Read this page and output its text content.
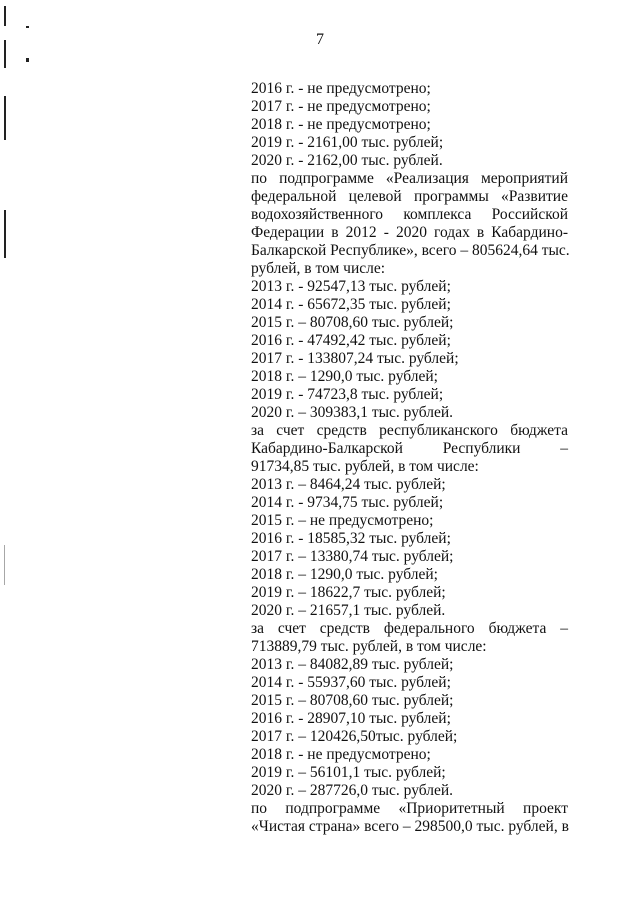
7
2016 г. - не предусмотрено;
2017 г. - не предусмотрено;
2018 г. - не предусмотрено;
2019 г. - 2161,00 тыс. рублей;
2020 г. - 2162,00 тыс. рублей.
по подпрограмме «Реализация мероприятий
федеральной целевой программы «Развитие
водохозяйственного комплекса Российской
Федерации в 2012 - 2020 годах в Кабардино-
Балкарской Республике», всего – 805624,64 тыс.
рублей, в том числе:
2013 г. - 92547,13 тыс. рублей;
2014 г. - 65672,35 тыс. рублей;
2015 г. – 80708,60 тыс. рублей;
2016 г. - 47492,42 тыс. рублей;
2017 г. - 133807,24 тыс. рублей;
2018 г. – 1290,0 тыс. рублей;
2019 г. - 74723,8 тыс. рублей;
2020 г. – 309383,1 тыс. рублей.
за счет средств республиканского бюджета
Кабардино-Балкарской Республики –
91734,85 тыс. рублей, в том числе:
2013 г. – 8464,24 тыс. рублей;
2014 г. - 9734,75 тыс. рублей;
2015 г. – не предусмотрено;
2016 г. - 18585,32 тыс. рублей;
2017 г. – 13380,74 тыс. рублей;
2018 г. – 1290,0 тыс. рублей;
2019 г. – 18622,7 тыс. рублей;
2020 г. – 21657,1 тыс. рублей.
за счет средств федерального бюджета –
713889,79 тыс. рублей, в том числе:
2013 г. – 84082,89 тыс. рублей;
2014 г. - 55937,60 тыс. рублей;
2015 г. – 80708,60 тыс. рублей;
2016 г. - 28907,10 тыс. рублей;
2017 г. – 120426,50тыс. рублей;
2018 г. - не предусмотрено;
2019 г. – 56101,1 тыс. рублей;
2020 г. – 287726,0 тыс. рублей.
по подпрограмме «Приоритетный проект
«Чистая страна» всего – 298500,0 тыс. рублей, в
